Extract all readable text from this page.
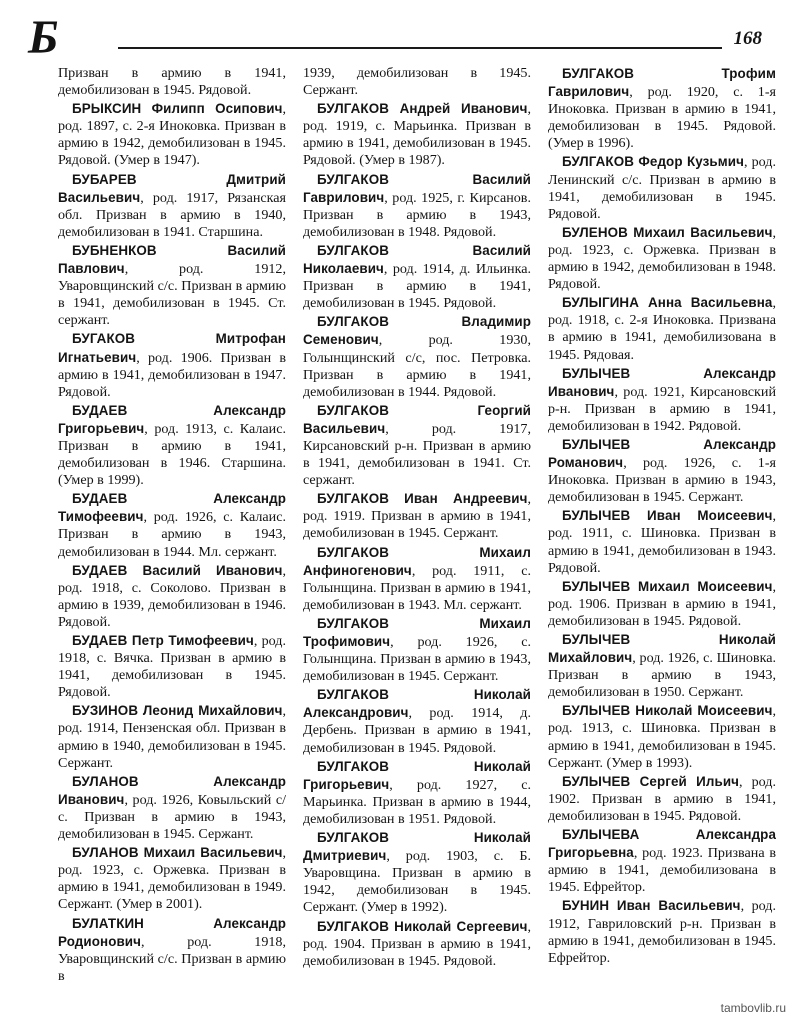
Б	168

Призван в армию в 1941, демобилизован в 1945. Рядовой.

БРЫКСИН Филипп Осипович, род. 1897, с. 2-я Иноковка. Призван в армию в 1942, демобилизован в 1945. Рядовой. (Умер в 1947).

БУБАРЕВ Дмитрий Васильевич, род. 1917, Рязанская обл. Призван в армию в 1940, демобилизован в 1941. Старшина.

БУБНЕНКОВ Василий Павлович, род. 1912, Уваровщинский с/с. Призван в армию в 1941, демобилизован в 1945. Ст. сержант.

БУГАКОВ Митрофан Игнатьевич, род. 1906. Призван в армию в 1941, демобилизован в 1947. Рядовой.

БУДАЕВ Александр Григорьевич, род. 1913, с. Калаис. Призван в армию в 1941, демобилизован в 1946. Старшина. (Умер в 1999).

БУДАЕВ Александр Тимофеевич, род. 1926, с. Калаис. Призван в армию в 1943, демобилизован в 1944. Мл. сержант.

БУДАЕВ Василий Иванович, род. 1918, с. Соколово. Призван в армию в 1939, демобилизован в 1946. Рядовой.

БУДАЕВ Петр Тимофеевич, род. 1918, с. Вячка. Призван в армию в 1941, демобилизован в 1945. Рядовой.

БУЗИНОВ Леонид Михайлович, род. 1914, Пензенская обл. Призван в армию в 1940, демобилизован в 1945. Сержант.

БУЛАНОВ Александр Иванович, род. 1926, Ковыльский с/с. Призван в армию в 1943, демобилизован в 1945. Сержант.

БУЛАНОВ Михаил Васильевич, род. 1923, с. Оржевка. Призван в армию в 1941, демобилизован в 1949. Сержант. (Умер в 2001).

БУЛАТКИН Александр Родионович, род. 1918, Уваровщинский с/с. Призван в армию в

1939, демобилизован в 1945. Сержант.

БУЛГАКОВ Андрей Иванович, род. 1919, с. Марьинка. Призван в армию в 1941, демобилизован в 1945. Рядовой. (Умер в 1987).

БУЛГАКОВ Василий Гаврилович, род. 1925, г. Кирсанов. Призван в армию в 1943, демобилизован в 1948. Рядовой.

БУЛГАКОВ Василий Николаевич, род. 1914, д. Ильинка. Призван в армию в 1941, демобилизован в 1945. Рядовой.

БУЛГАКОВ Владимир Семенович, род. 1930, Голынщинский с/с, пос. Петровка. Призван в армию в 1941, демобилизован в 1944. Рядовой.

БУЛГАКОВ Георгий Васильевич, род. 1917, Кирсановский р-н. Призван в армию в 1941, демобилизован в 1941. Ст. сержант.

БУЛГАКОВ Иван Андреевич, род. 1919. Призван в армию в 1941, демобилизован в 1945. Сержант.

БУЛГАКОВ Михаил Анфиногенович, род. 1911, с. Голынщина. Призван в армию в 1941, демобилизован в 1943. Мл. сержант.

БУЛГАКОВ Михаил Трофимович, род. 1926, с. Голынщина. Призван в армию в 1943, демобилизован в 1945. Сержант.

БУЛГАКОВ Николай Александрович, род. 1914, д. Дербень. Призван в армию в 1941, демобилизован в 1945. Рядовой.

БУЛГАКОВ Николай Григорьевич, род. 1927, с. Марьинка. Призван в армию в 1944, демобилизован в 1951. Рядовой.

БУЛГАКОВ Николай Дмитриевич, род. 1903, с. Б. Уваровщина. Призван в армию в 1942, демобилизован в 1945. Сержант. (Умер в 1992).

БУЛГАКОВ Николай Сергеевич, род. 1904. Призван в армию в 1941, демобилизован в 1945. Рядовой.

БУЛГАКОВ Трофим Гаврилович, род. 1920, с. 1-я Иноковка. Призван в армию в 1941, демобилизован в 1945. Рядовой. (Умер в 1996).

БУЛГАКОВ Федор Кузьмич, род. Ленинский с/с. Призван в армию в 1941, демобилизован в 1945. Рядовой.

БУЛЕНОВ Михаил Васильевич, род. 1923, с. Оржевка. Призван в армию в 1942, демобилизован в 1948. Рядовой.

БУЛЫГИНА Анна Васильевна, род. 1918, с. 2-я Иноковка. Призвана в армию в 1941, демобилизована в 1945. Рядовая.

БУЛЫЧЕВ Александр Иванович, род. 1921, Кирсановский р-н. Призван в армию в 1941, демобилизован в 1942. Рядовой.

БУЛЫЧЕВ Александр Романович, род. 1926, с. 1-я Иноковка. Призван в армию в 1943, демобилизован в 1945. Сержант.

БУЛЫЧЕВ Иван Моисеевич, род. 1911, с. Шиновка. Призван в армию в 1941, демобилизован в 1943. Рядовой.

БУЛЫЧЕВ Михаил Моисеевич, род. 1906. Призван в армию в 1941, демобилизован в 1945. Рядовой.

БУЛЫЧЕВ Николай Михайлович, род. 1926, с. Шиновка. Призван в армию в 1943, демобилизован в 1950. Сержант.

БУЛЫЧЕВ Николай Моисеевич, род. 1913, с. Шиновка. Призван в армию в 1941, демобилизован в 1945. Сержант. (Умер в 1993).

БУЛЫЧЕВ Сергей Ильич, род. 1902. Призван в армию в 1941, демобилизован в 1945. Рядовой.

БУЛЫЧЕВА Александра Григорьевна, род. 1923. Призвана в армию в 1941, демобилизована в 1945. Ефрейтор.

БУНИН Иван Васильевич, род. 1912, Гавриловский р-н. Призван в армию в 1941, демобилизован в 1945. Ефрейтор.

tambovlib.ru
